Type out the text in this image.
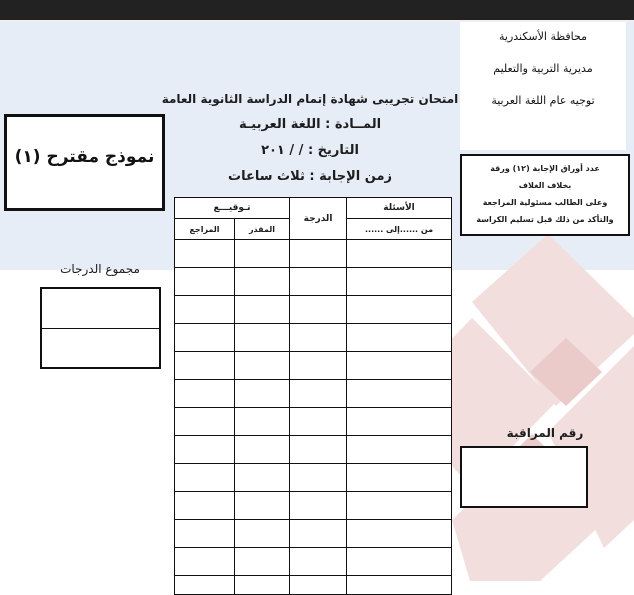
محافظة الأسكندرية
مديرية التربية والتعليم
توجيه عام اللغة العربية
امتحان تجريبى شهادة إتمام الدراسة الثانوية العامة
المــادة : اللغة العربيـة
التاريخ : / / ٢٠١
زمن الإجابة : ثلاث ساعات
نموذج مقترح (١)
عدد أوراق الإجابة (١٢) ورقة
بخلاف الغلاف
وعلى الطالب مسئولية المراجعة
والتأكد من ذلك قبل تسليم الكراسة
تـوقيـــع		الدرجة	الأسئلة
المراجع	المقدر		من ......إلى ......

مجموع الدرجات
رقم المراقبة
